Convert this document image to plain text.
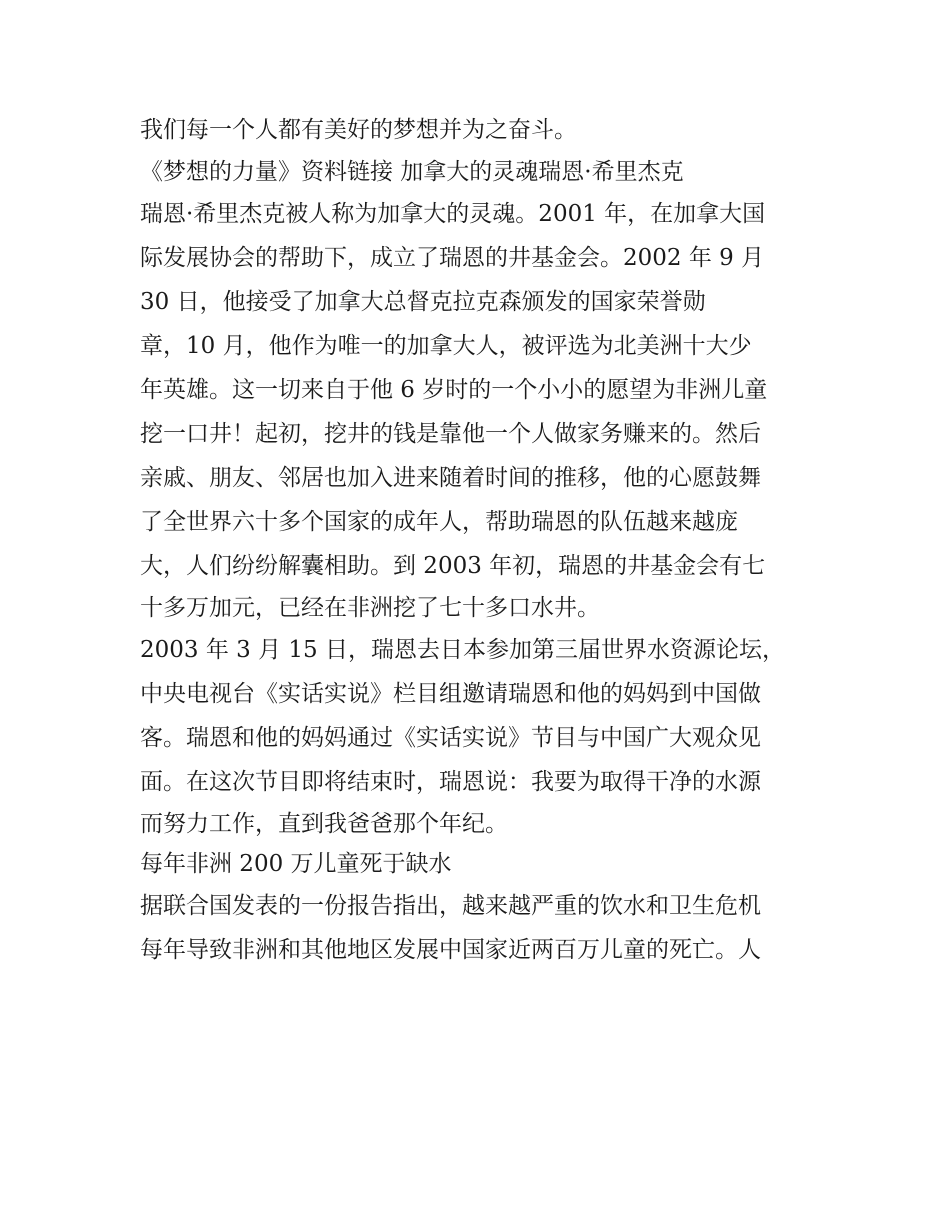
我们每一个人都有美好的梦想并为之奋斗。
《梦想的力量》资料链接 加拿大的灵魂瑞恩·希里杰克
瑞恩·希里杰克被人称为加拿大的灵魂。2001 年，在加拿大国
际发展协会的帮助下，成立了瑞恩的井基金会。2002 年 9 月
30 日，他接受了加拿大总督克拉克森颁发的国家荣誉勋
章，10 月，他作为唯一的加拿大人，被评选为北美洲十大少
年英雄。这一切来自于他 6 岁时的一个小小的愿望为非洲儿童
挖一口井！起初，挖井的钱是靠他一个人做家务赚来的。然后
亲戚、朋友、邻居也加入进来随着时间的推移，他的心愿鼓舞
了全世界六十多个国家的成年人，帮助瑞恩的队伍越来越庞
大，人们纷纷解囊相助。到 2003 年初，瑞恩的井基金会有七
十多万加元，已经在非洲挖了七十多口水井。
2003 年 3 月 15 日，瑞恩去日本参加第三届世界水资源论坛，
中央电视台《实话实说》栏目组邀请瑞恩和他的妈妈到中国做
客。瑞恩和他的妈妈通过《实话实说》节目与中国广大观众见
面。在这次节目即将结束时，瑞恩说：我要为取得干净的水源
而努力工作，直到我爸爸那个年纪。
每年非洲 200 万儿童死于缺水
据联合国发表的一份报告指出，越来越严重的饮水和卫生危机
每年导致非洲和其他地区发展中国家近两百万儿童的死亡。人
